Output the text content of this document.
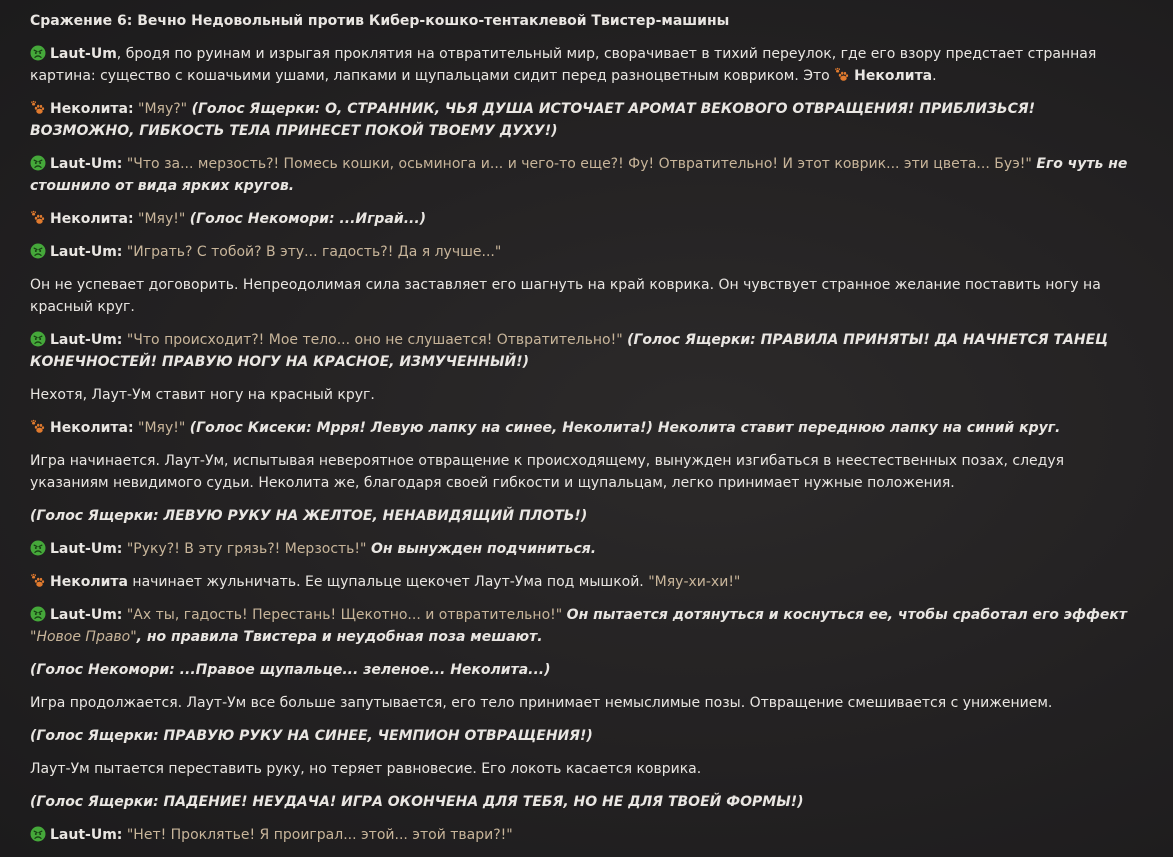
Сражение 6: Вечно Недовольный против Кибер-кошко-тентаклевой Твистер-машины
Laut-Um, бродя по руинам и изрыгая проклятия на отвратительный мир, сворачивает в тихий переулок, где его взору предстает странная картина: существо с кошачьими ушами, лапками и щупальцами сидит перед разноцветным ковриком. Это Неколита.
Неколита: "Мяу?" (Голос Ящерки: О, СТРАННИК, ЧЬЯ ДУША ИСТОЧАЕТ АРОМАТ ВЕКОВОГО ОТВРАЩЕНИЯ! ПРИБЛИЗЬСЯ! ВОЗМОЖНО, ГИБКОСТЬ ТЕЛА ПРИНЕСЕТ ПОКОЙ ТВОЕМУ ДУХУ!)
Laut-Um: "Что за... мерзость?! Помесь кошки, осьминога и... и чего-то еще?! Фу! Отвратительно! И этот коврик... эти цвета... Буэ!" Его чуть не стошнило от вида ярких кругов.
Неколита: "Мяу!" (Голос Некомори: ...Играй...)
Laut-Um: "Играть? С тобой? В эту... гадость?! Да я лучше..."
Он не успевает договорить. Непреодолимая сила заставляет его шагнуть на край коврика. Он чувствует странное желание поставить ногу на красный круг.
Laut-Um: "Что происходит?! Мое тело... оно не слушается! Отвратительно!" (Голос Ящерки: ПРАВИЛА ПРИНЯТЫ! ДА НАЧНЕТСЯ ТАНЕЦ КОНЕЧНОСТЕЙ! ПРАВУЮ НОГУ НА КРАСНОЕ, ИЗМУЧЕННЫЙ!)
Нехотя, Лаут-Ум ставит ногу на красный круг.
Неколита: "Мяу!" (Голос Кисеки: Мрря! Левую лапку на синее, Неколита!) Неколита ставит переднюю лапку на синий круг.
Игра начинается. Лаут-Ум, испытывая невероятное отвращение к происходящему, вынужден изгибаться в неестественных позах, следуя указаниям невидимого судьи. Неколита же, благодаря своей гибкости и щупальцам, легко принимает нужные положения.
(Голос Ящерки: ЛЕВУЮ РУКУ НА ЖЕЛТОЕ, НЕНАВИДЯЩИЙ ПЛОТЬ!)
Laut-Um: "Руку?! В эту грязь?! Мерзость!" Он вынужден подчиниться.
Неколита начинает жульничать. Ее щупальце щекочет Лаут-Ума под мышкой. "Мяу-хи-хи!"
Laut-Um: "Ах ты, гадость! Перестань! Щекотно... и отвратительно!" Он пытается дотянуться и коснуться ее, чтобы сработал его эффект "Новое Право", но правила Твистера и неудобная поза мешают.
(Голос Некомори: ...Правое щупальце... зеленое... Неколита...)
Игра продолжается. Лаут-Ум все больше запутывается, его тело принимает немыслимые позы. Отвращение смешивается с унижением.
(Голос Ящерки: ПРАВУЮ РУКУ НА СИНЕЕ, ЧЕМПИОН ОТВРАЩЕНИЯ!)
Лаут-Ум пытается переставить руку, но теряет равновесие. Его локоть касается коврика.
(Голос Ящерки: ПАДЕНИЕ! НЕУДАЧА! ИГРА ОКОНЧЕНА ДЛЯ ТЕБЯ, НО НЕ ДЛЯ ТВОЕЙ ФОРМЫ!)
Laut-Um: "Нет! Проклятье! Я проиграл... этой... этой твари?!"
